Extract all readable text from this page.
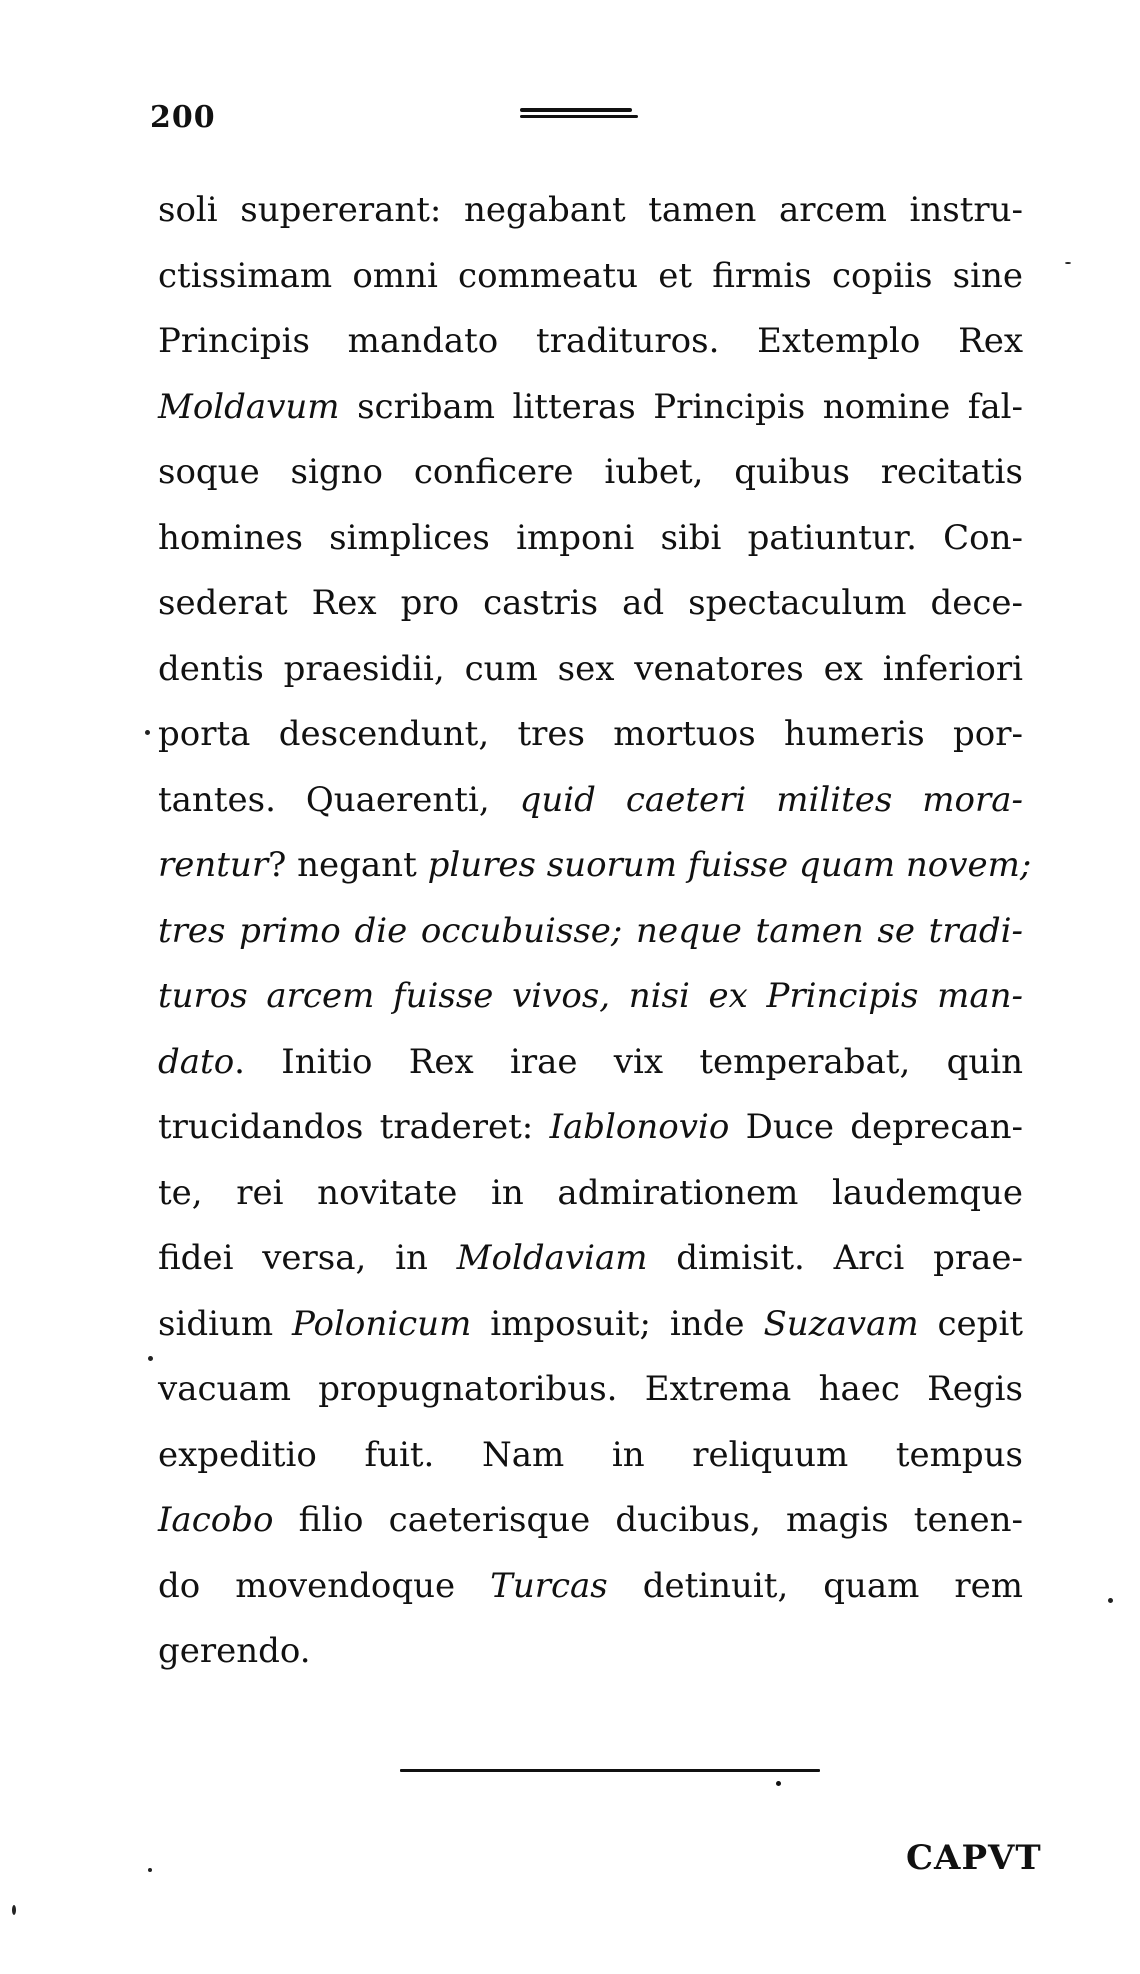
200
soli supererant: negabant tamen arcem instru-
ctissimam omni commeatu et firmis copiis sine
Principis mandato tradituros. Extemplo Rex
Moldavum scribam litteras Principis nomine fal-
soque signo conficere iubet, quibus recitatis
homines simplices imponi sibi patiuntur. Con-
sederat Rex pro castris ad spectaculum dece-
dentis praesidii, cum sex venatores ex inferiori
porta descendunt, tres mortuos humeris por-
tantes. Quaerenti, quid caeteri milites mora-
rentur? negant plures suorum fuisse quam novem;
tres primo die occubuisse; neque tamen se tradi-
turos arcem fuisse vivos, nisi ex Principis man-
dato. Initio Rex irae vix temperabat, quin
trucidandos traderet: Iablonovio Duce deprecan-
te, rei novitate in admirationem laudemque
fidei versa, in Moldaviam dimisit. Arci prae-
sidium Polonicum imposuit; inde Suzavam cepit
vacuam propugnatoribus. Extrema haec Regis
expeditio fuit. Nam in reliquum tempus
Iacobo filio caeterisque ducibus, magis tenen-
do movendoque Turcas detinuit, quam rem
gerendo.
CAPVT
